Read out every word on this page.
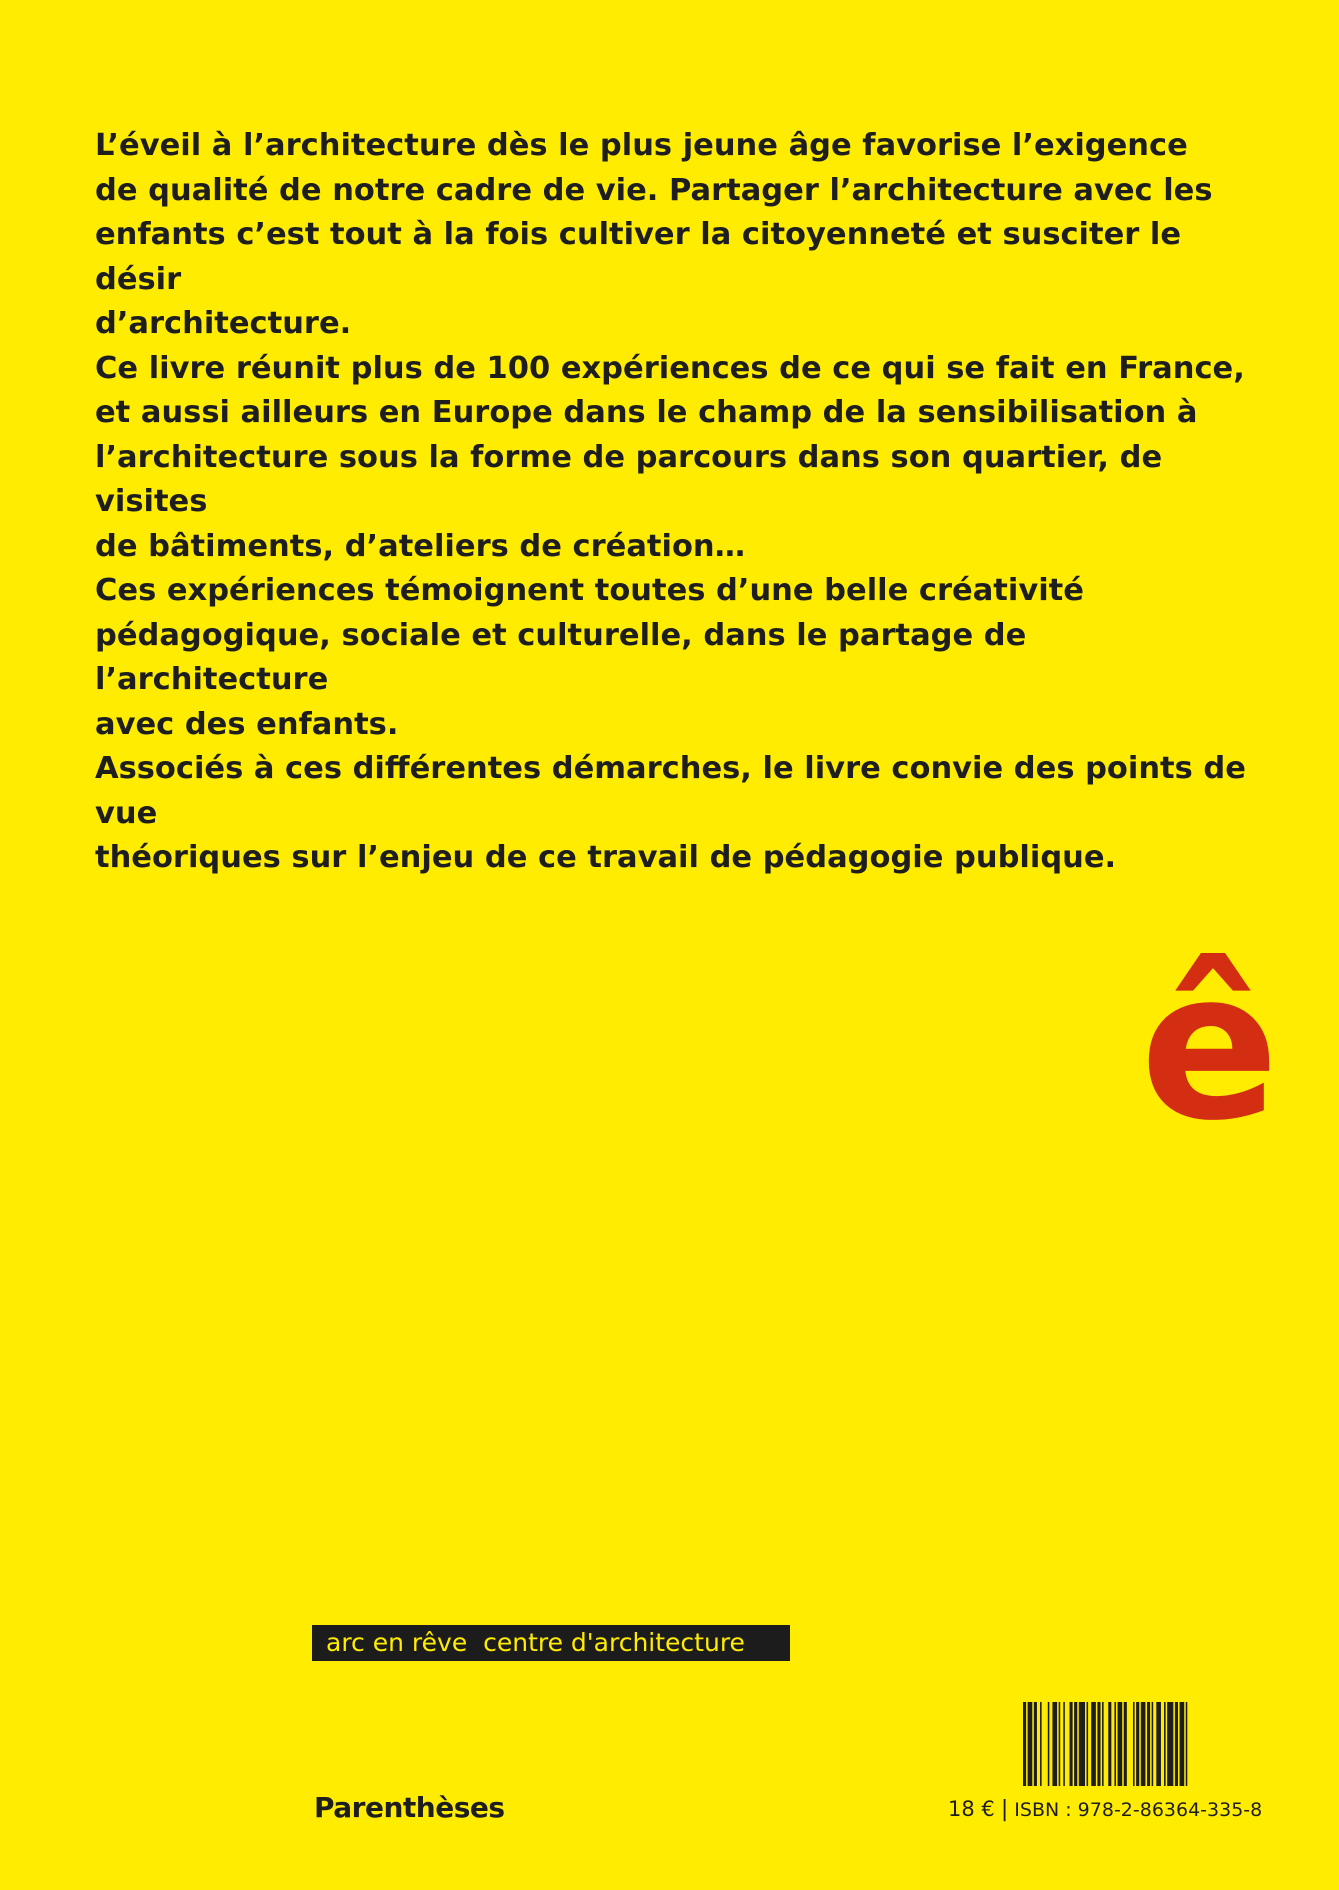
L’éveil à l’architecture dès le plus jeune âge favorise l’exigence
de qualité de notre cadre de vie. Partager l’architecture avec les
enfants c’est tout à la fois cultiver la citoyenneté et susciter le désir
d’architecture.

Ce livre réunit plus de 100 expériences de ce qui se fait en France,
et aussi ailleurs en Europe dans le champ de la sensibilisation à
l’architecture sous la forme de parcours dans son quartier, de visites
de bâtiments, d’ateliers de création…

Ces expériences témoignent toutes d’une belle créativité
pédagogique, sociale et culturelle, dans le partage de l’architecture
avec des enfants.

Associés à ces différentes démarches, le livre convie des points de vue
théoriques sur l’enjeu de ce travail de pédagogie publique.

ê
arc en rêve  centre d'architecture
Parenthèses	18 € | ISBN : 978-2-86364-335-8
